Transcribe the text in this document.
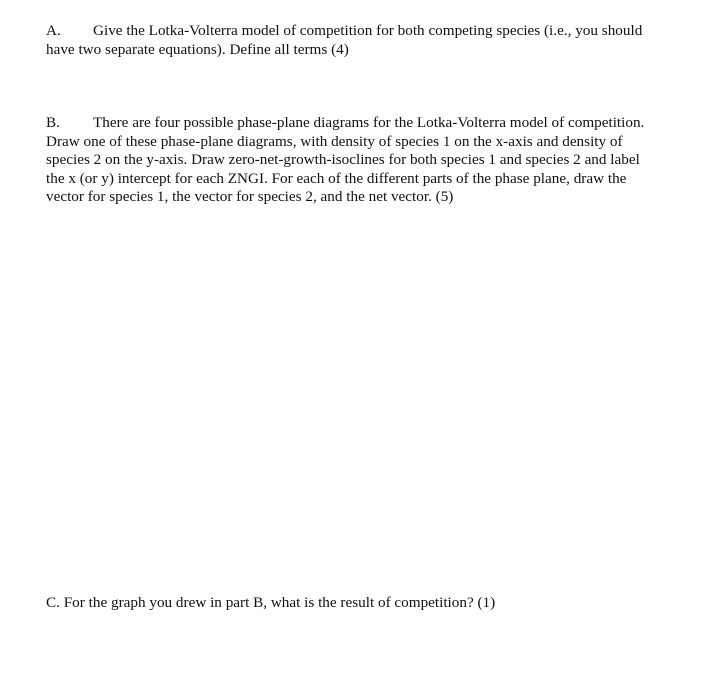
A. Give the Lotka-Volterra model of competition for both competing species (i.e., you should have two separate equations). Define all terms (4)

B. There are four possible phase-plane diagrams for the Lotka-Volterra model of competition. Draw one of these phase-plane diagrams, with density of species 1 on the x-axis and density of species 2 on the y-axis. Draw zero-net-growth-isoclines for both species 1 and species 2 and label the x (or y) intercept for each ZNGI. For each of the different parts of the phase plane, draw the vector for species 1, the vector for species 2, and the net vector. (5)

C. For the graph you drew in part B, what is the result of competition? (1)
